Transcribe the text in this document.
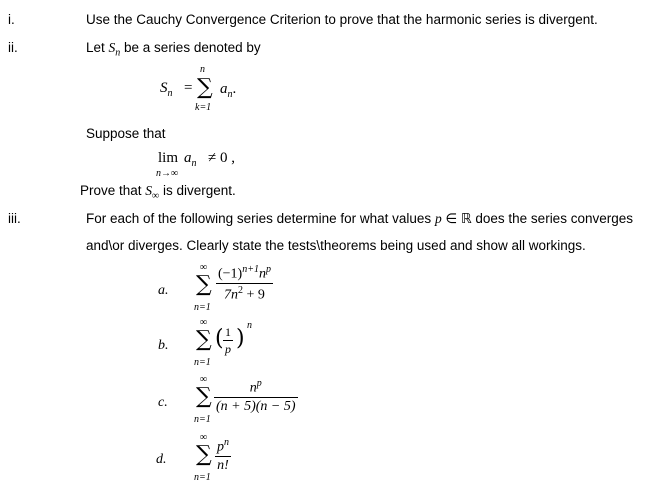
i.	Use the Cauchy Convergence Criterion to prove that the harmonic series is divergent.
ii.	Let $S_n$ be a series denoted by
$S_n$ =
n
∑
k=1
$a_n$.
Suppose that
lim
n→∞
$a_n \ne 0$ ,
Prove that $S_\infty$ is divergent.
iii.	For each of the following series determine for what values p ∈ ℝ does the series converges
and\or diverges. Clearly state the tests\theorems being used and show all workings.
a.
∞
∑
n=1
$\frac{(-1)^{n+1}n^p}{7n^2 + 9}$
b.
∞
∑
n=1
( $\frac{1}{p}$ )
n
c.
∞
∑
n=1
$\frac{n^p}{(n + 5)(n - 5)}$
d.
∞
∑
n=1
$\frac{p^n}{n!}$
